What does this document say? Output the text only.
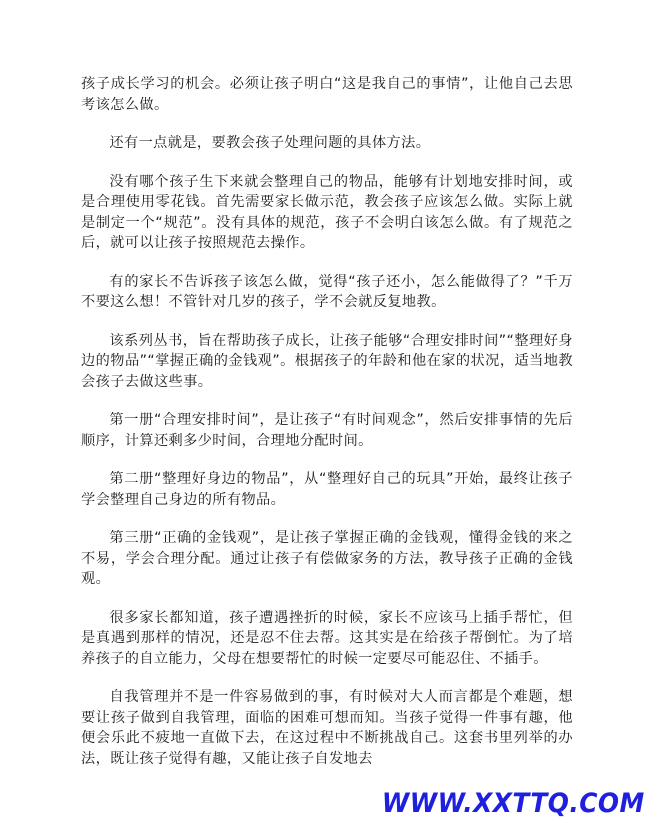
孩子成长学习的机会。必须让孩子明白“这是我自己的事情”，让他自己去思考该怎么做。

还有一点就是，要教会孩子处理问题的具体方法。

没有哪个孩子生下来就会整理自己的物品，能够有计划地安排时间，或是合理使用零花钱。首先需要家长做示范，教会孩子应该怎么做。实际上就是制定一个“规范”。没有具体的规范，孩子不会明白该怎么做。有了规范之后，就可以让孩子按照规范去操作。

有的家长不告诉孩子该怎么做，觉得“孩子还小，怎么能做得了？”千万不要这么想！不管针对几岁的孩子，学不会就反复地教。

该系列丛书，旨在帮助孩子成长，让孩子能够“合理安排时间”“整理好身边的物品”“掌握正确的金钱观”。根据孩子的年龄和他在家的状况，适当地教会孩子去做这些事。

第一册“合理安排时间”，是让孩子“有时间观念”，然后安排事情的先后顺序，计算还剩多少时间，合理地分配时间。

第二册“整理好身边的物品”，从“整理好自己的玩具”开始，最终让孩子学会整理自己身边的所有物品。

第三册“正确的金钱观”，是让孩子掌握正确的金钱观，懂得金钱的来之不易，学会合理分配。通过让孩子有偿做家务的方法，教导孩子正确的金钱观。

很多家长都知道，孩子遭遇挫折的时候，家长不应该马上插手帮忙，但是真遇到那样的情况，还是忍不住去帮。这其实是在给孩子帮倒忙。为了培养孩子的自立能力，父母在想要帮忙的时候一定要尽可能忍住、不插手。

自我管理并不是一件容易做到的事，有时候对大人而言都是个难题，想要让孩子做到自我管理，面临的困难可想而知。当孩子觉得一件事有趣，他便会乐此不疲地一直做下去，在这过程中不断挑战自己。这套书里列举的办法，既让孩子觉得有趣，又能让孩子自发地去

WWW.XXTTQ.COM
